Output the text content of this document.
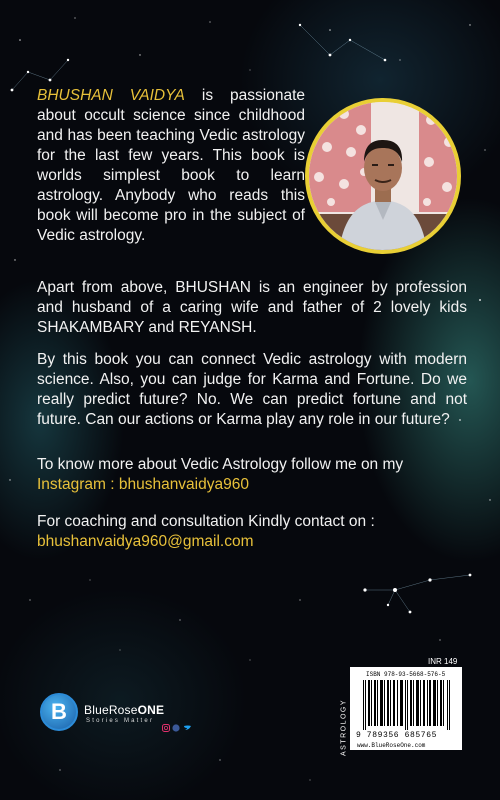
BHUSHAN VAIDYA is passionate about occult science since childhood and has been teaching Vedic astrology for the last few years. This book is worlds simplest book to learn astrology. Anybody who reads this book will become pro in the subject of Vedic astrology.

Apart from above, BHUSHAN is an engineer by profession and husband of a caring wife and father of 2 lovely kids SHAKAMBARY and REYANSH.

By this book you can connect Vedic astrology with modern science. Also, you can judge for Karma and Fortune. Do we really predict future? No. We can predict fortune and not future. Can our actions or Karma play any role in our future?

To know more about Vedic Astrology follow me on my
Instagram : bhushanvaidya960
For coaching and consultation Kindly contact on :
bhushanvaidya960@gmail.com
B	BlueRoseONE
Stories Matter
INR 149
ASTROLOGY
ISBN 978-93-5668-576-5
9 789356 685765
www.BlueRoseOne.com
